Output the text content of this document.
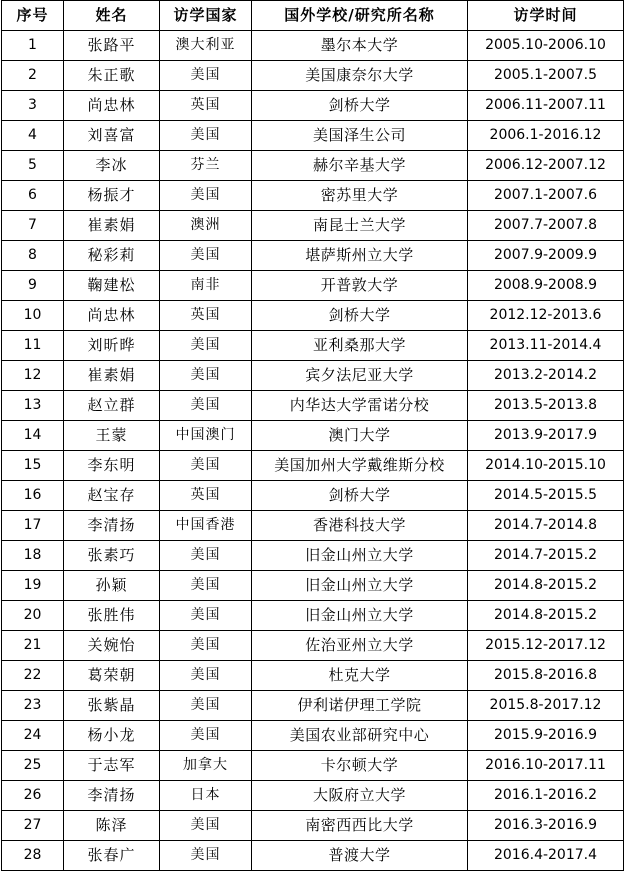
序号	姓名	访学国家	国外学校/研究所名称	访学时间
1	张路平	澳大利亚	墨尔本大学	2005.10-2006.10
2	朱正歌	美国	美国康奈尔大学	2005.1-2007.5
3	尚忠林	英国	剑桥大学	2006.11-2007.11
4	刘喜富	美国	美国泽生公司	2006.1-2016.12
5	李冰	芬兰	赫尔辛基大学	2006.12-2007.12
6	杨振才	美国	密苏里大学	2007.1-2007.6
7	崔素娟	澳洲	南昆士兰大学	2007.7-2007.8
8	秘彩莉	美国	堪萨斯州立大学	2007.9-2009.9
9	鞠建松	南非	开普敦大学	2008.9-2008.9
10	尚忠林	英国	剑桥大学	2012.12-2013.6
11	刘昕晔	美国	亚利桑那大学	2013.11-2014.4
12	崔素娟	美国	宾夕法尼亚大学	2013.2-2014.2
13	赵立群	美国	内华达大学雷诺分校	2013.5-2013.8
14	王蒙	中国澳门	澳门大学	2013.9-2017.9
15	李东明	美国	美国加州大学戴维斯分校	2014.10-2015.10
16	赵宝存	英国	剑桥大学	2014.5-2015.5
17	李清扬	中国香港	香港科技大学	2014.7-2014.8
18	张素巧	美国	旧金山州立大学	2014.7-2015.2
19	孙颖	美国	旧金山州立大学	2014.8-2015.2
20	张胜伟	美国	旧金山州立大学	2014.8-2015.2
21	关婉怡	美国	佐治亚州立大学	2015.12-2017.12
22	葛荣朝	美国	杜克大学	2015.8-2016.8
23	张紫晶	美国	伊利诺伊理工学院	2015.8-2017.12
24	杨小龙	美国	美国农业部研究中心	2015.9-2016.9
25	于志军	加拿大	卡尔顿大学	2016.10-2017.11
26	李清扬	日本	大阪府立大学	2016.1-2016.2
27	陈泽	美国	南密西西比大学	2016.3-2016.9
28	张春广	美国	普渡大学	2016.4-2017.4
